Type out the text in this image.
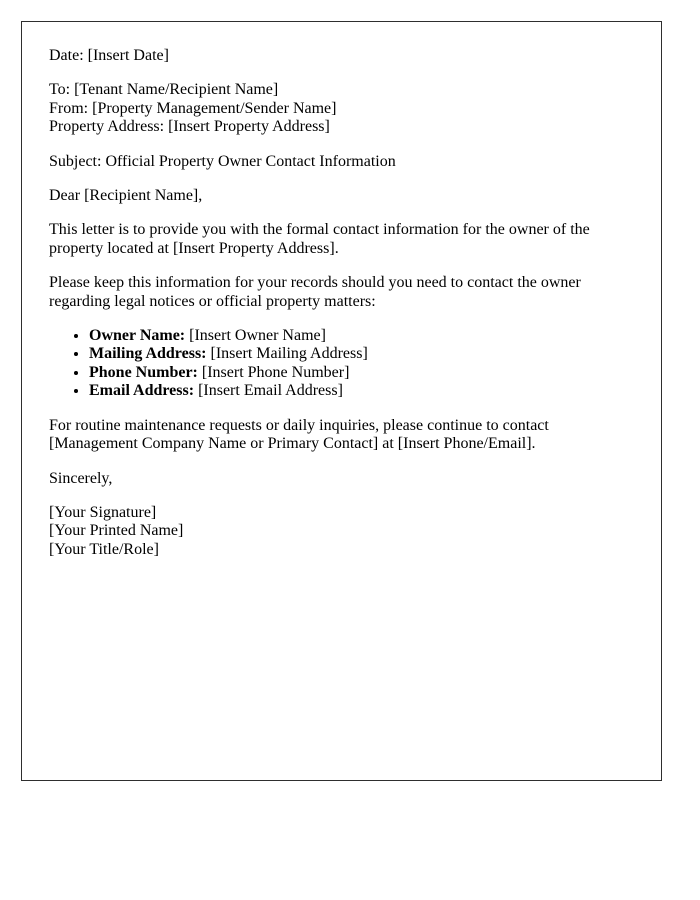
Date: [Insert Date]

To: [Tenant Name/Recipient Name]
From: [Property Management/Sender Name]
Property Address: [Insert Property Address]

Subject: Official Property Owner Contact Information

Dear [Recipient Name],

This letter is to provide you with the formal contact information for the owner of the property located at [Insert Property Address].

Please keep this information for your records should you need to contact the owner regarding legal notices or official property matters:

• Owner Name: [Insert Owner Name]
• Mailing Address: [Insert Mailing Address]
• Phone Number: [Insert Phone Number]
• Email Address: [Insert Email Address]

For routine maintenance requests or daily inquiries, please continue to contact [Management Company Name or Primary Contact] at [Insert Phone/Email].

Sincerely,

[Your Signature]
[Your Printed Name]
[Your Title/Role]
